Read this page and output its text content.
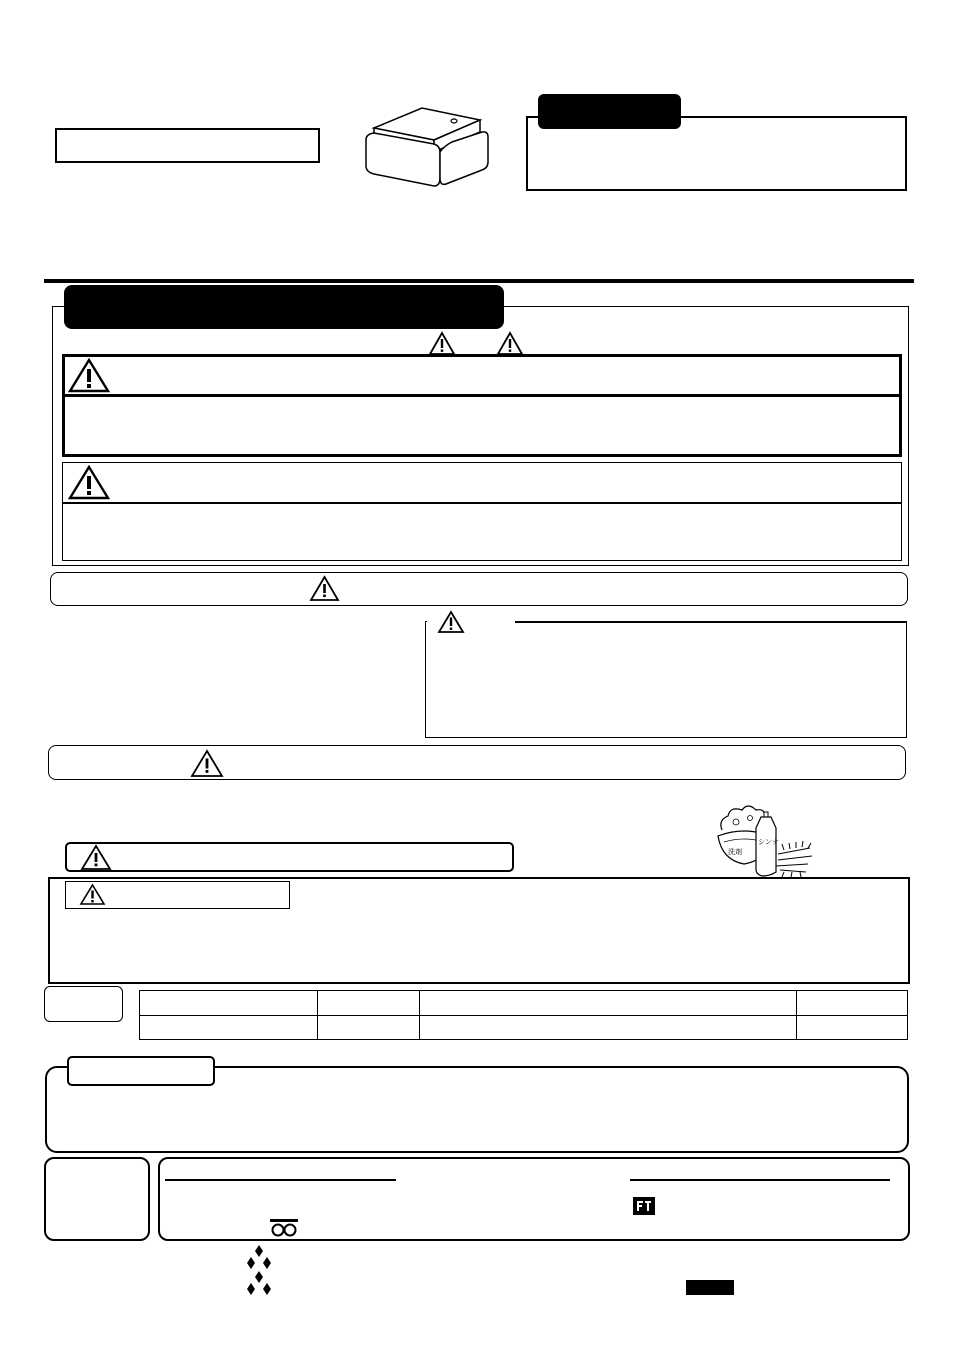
洗剤
シンナ
